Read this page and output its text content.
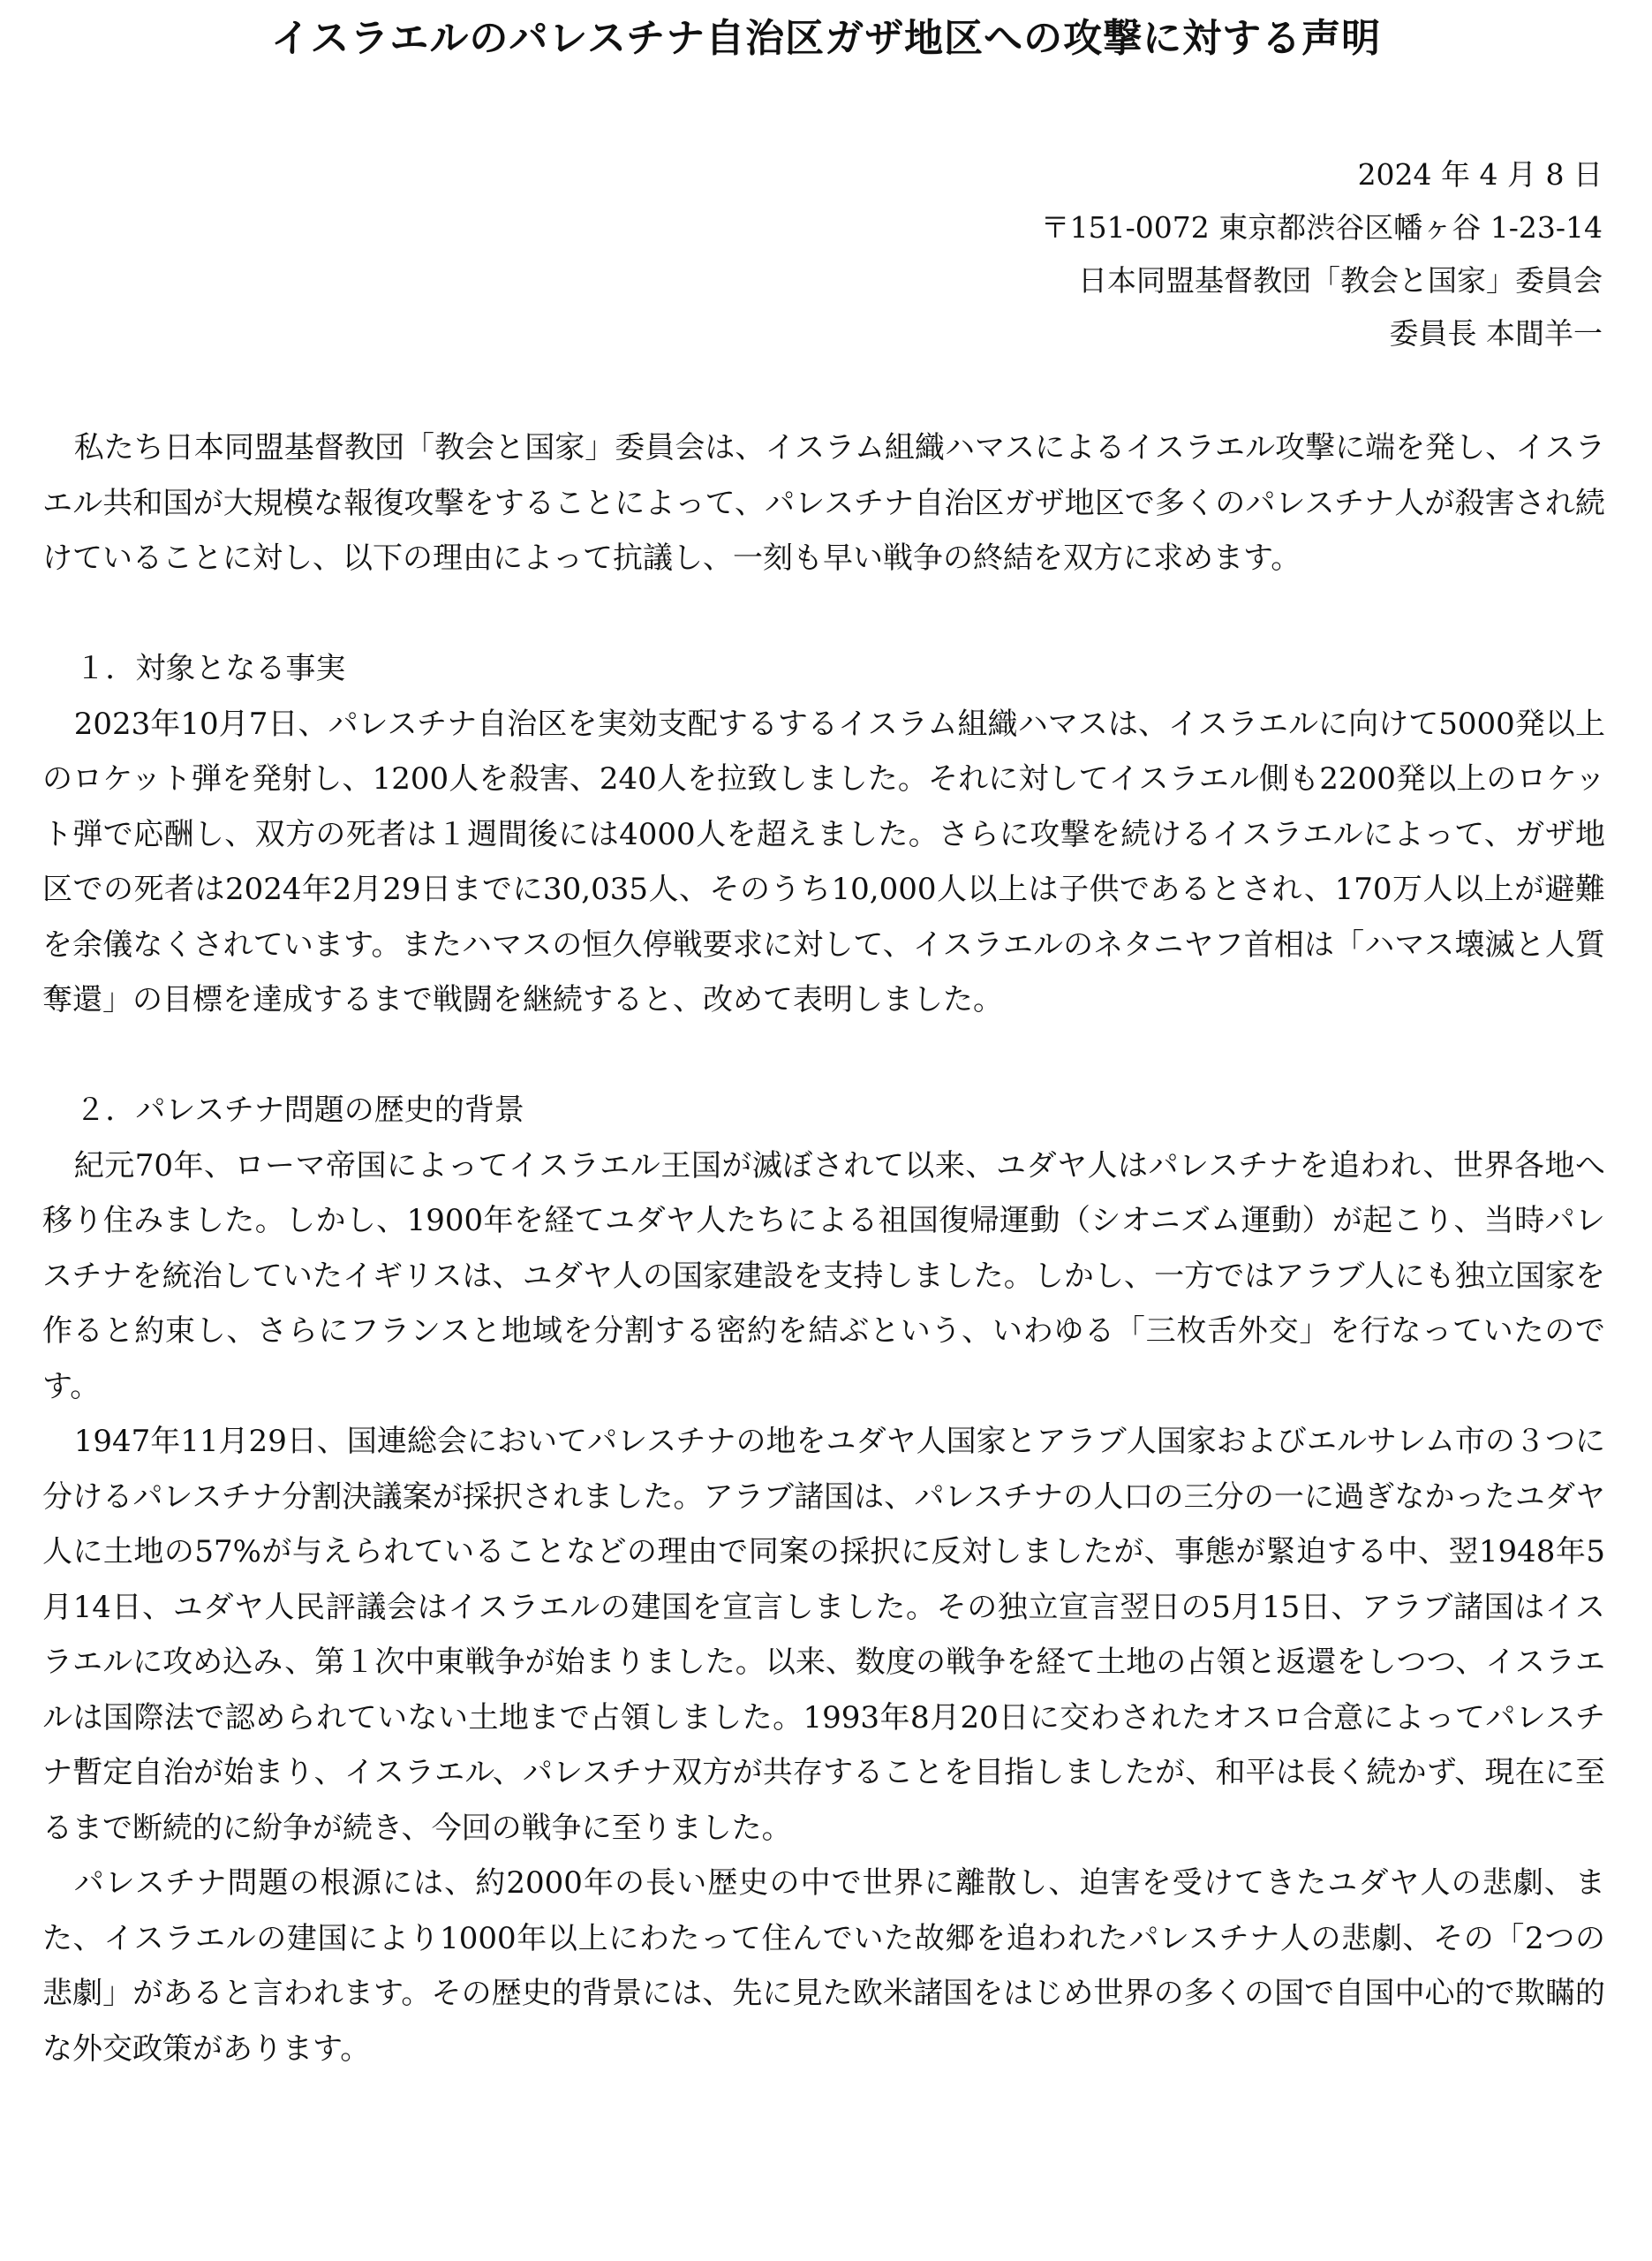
イスラエルのパレスチナ自治区ガザ地区への攻撃に対する声明
2024 年 4 月 8 日
〒151-0072 東京都渋谷区幡ヶ谷 1-23-14
日本同盟基督教団「教会と国家」委員会
委員長 本間羊一

私たち日本同盟基督教団「教会と国家」委員会は、イスラム組織ハマスによるイスラエル攻撃に端を発し、イスラエル共和国が大規模な報復攻撃をすることによって、パレスチナ自治区ガザ地区で多くのパレスチナ人が殺害され続けていることに対し、以下の理由によって抗議し、一刻も早い戦争の終結を双方に求めます。

１．対象となる事実

2023年10月7日、パレスチナ自治区を実効支配するするイスラム組織ハマスは、イスラエルに向けて5000発以上のロケット弾を発射し、1200人を殺害、240人を拉致しました。それに対してイスラエル側も2200発以上のロケット弾で応酬し、双方の死者は１週間後には4000人を超えました。さらに攻撃を続けるイスラエルによって、ガザ地区での死者は2024年2月29日までに30,035人、そのうち10,000人以上は子供であるとされ、170万人以上が避難を余儀なくされています。またハマスの恒久停戦要求に対して、イスラエルのネタニヤフ首相は「ハマス壊滅と人質奪還」の目標を達成するまで戦闘を継続すると、改めて表明しました。

２．パレスチナ問題の歴史的背景

紀元70年、ローマ帝国によってイスラエル王国が滅ぼされて以来、ユダヤ人はパレスチナを追われ、世界各地へ移り住みました。しかし、1900年を経てユダヤ人たちによる祖国復帰運動（シオニズム運動）が起こり、当時パレスチナを統治していたイギリスは、ユダヤ人の国家建設を支持しました。しかし、一方ではアラブ人にも独立国家を作ると約束し、さらにフランスと地域を分割する密約を結ぶという、いわゆる「三枚舌外交」を行なっていたのです。

1947年11月29日、国連総会においてパレスチナの地をユダヤ人国家とアラブ人国家およびエルサレム市の３つに分けるパレスチナ分割決議案が採択されました。アラブ諸国は、パレスチナの人口の三分の一に過ぎなかったユダヤ人に土地の57%が与えられていることなどの理由で同案の採択に反対しましたが、事態が緊迫する中、翌1948年5月14日、ユダヤ人民評議会はイスラエルの建国を宣言しました。その独立宣言翌日の5月15日、アラブ諸国はイスラエルに攻め込み、第１次中東戦争が始まりました。以来、数度の戦争を経て土地の占領と返還をしつつ、イスラエルは国際法で認められていない土地まで占領しました。1993年8月20日に交わされたオスロ合意によってパレスチナ暫定自治が始まり、イスラエル、パレスチナ双方が共存することを目指しましたが、和平は長く続かず、現在に至るまで断続的に紛争が続き、今回の戦争に至りました。

パレスチナ問題の根源には、約2000年の長い歴史の中で世界に離散し、迫害を受けてきたユダヤ人の悲劇、また、イスラエルの建国により1000年以上にわたって住んでいた故郷を追われたパレスチナ人の悲劇、その「2つの悲劇」があると言われます。その歴史的背景には、先に見た欧米諸国をはじめ世界の多くの国で自国中心的で欺瞞的な外交政策があります。
